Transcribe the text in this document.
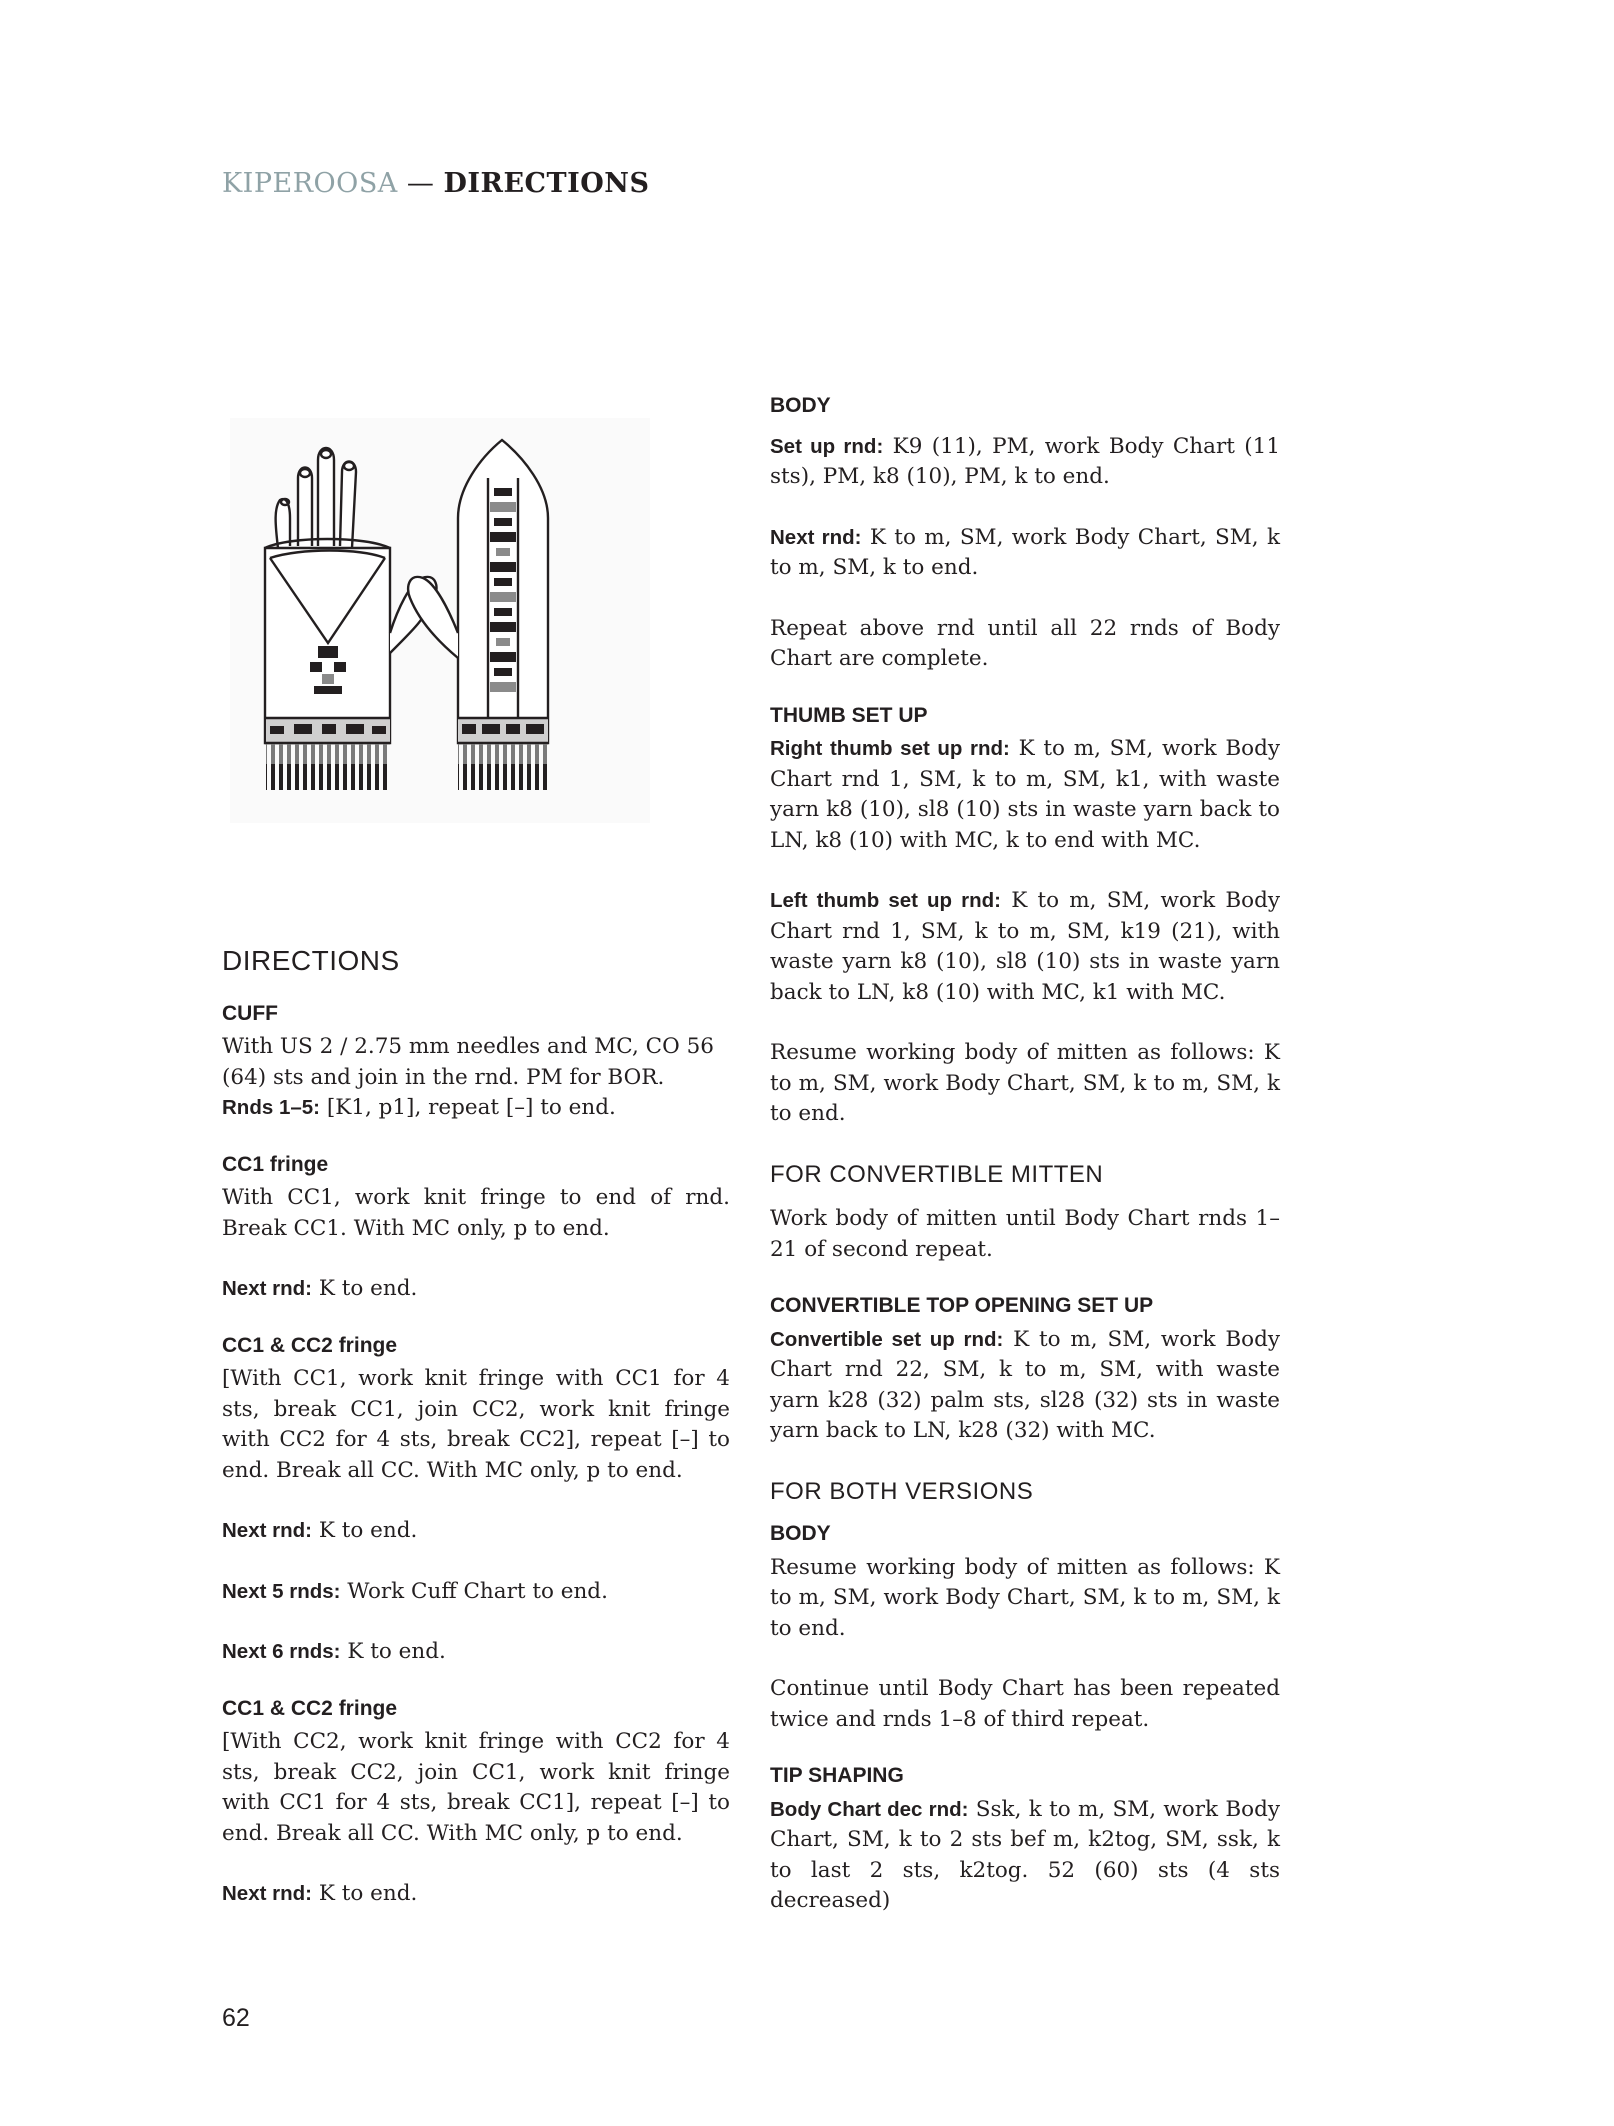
KIPEROOSA — DIRECTIONS
DIRECTIONS
CUFF

With US 2 / 2.75 mm needles and MC, CO 56 (64) sts and join in the rnd. PM for BOR.

Rnds 1–5: [K1, p1], repeat [–] to end.

CC1 fringe

With CC1, work knit fringe to end of rnd. Break CC1. With MC only, p to end.

Next rnd: K to end.

CC1 & CC2 fringe

[With CC1, work knit fringe with CC1 for 4 sts, break CC1, join CC2, work knit fringe with CC2 for 4 sts, break CC2], repeat [–] to end. Break all CC. With MC only, p to end.

Next rnd: K to end.

Next 5 rnds: Work Cuff Chart to end.

Next 6 rnds: K to end.

CC1 & CC2 fringe

[With CC2, work knit fringe with CC2 for 4 sts, break CC2, join CC1, work knit fringe with CC1 for 4 sts, break CC1], repeat [–] to end. Break all CC. With MC only, p to end.

Next rnd: K to end.

BODY

Set up rnd: K9 (11), PM, work Body Chart (11 sts), PM, k8 (10), PM, k to end.

Next rnd: K to m, SM, work Body Chart, SM, k to m, SM, k to end.

Repeat above rnd until all 22 rnds of Body Chart are complete.

THUMB SET UP

Right thumb set up rnd: K to m, SM, work Body Chart rnd 1, SM, k to m, SM, k1, with waste yarn k8 (10), sl8 (10) sts in waste yarn back to LN, k8 (10) with MC, k to end with MC.

Left thumb set up rnd: K to m, SM, work Body Chart rnd 1, SM, k to m, SM, k19 (21), with waste yarn k8 (10), sl8 (10) sts in waste yarn back to LN, k8 (10) with MC, k1 with MC.

Resume working body of mitten as follows: K to m, SM, work Body Chart, SM, k to m, SM, k to end.

FOR CONVERTIBLE MITTEN

Work body of mitten until Body Chart rnds 1–21 of second repeat.

CONVERTIBLE TOP OPENING SET UP

Convertible set up rnd: K to m, SM, work Body Chart rnd 22, SM, k to m, SM, with waste yarn k28 (32) palm sts, sl28 (32) sts in waste yarn back to LN, k28 (32) with MC.

FOR BOTH VERSIONS
BODY

Resume working body of mitten as follows: K to m, SM, work Body Chart, SM, k to m, SM, k to end.

Continue until Body Chart has been repeated twice and rnds 1–8 of third repeat.

TIP SHAPING

Body Chart dec rnd: Ssk, k to m, SM, work Body Chart, SM, k to 2 sts bef m, k2tog, SM, ssk, k to last 2 sts, k2tog. 52 (60) sts (4 sts decreased)

62
